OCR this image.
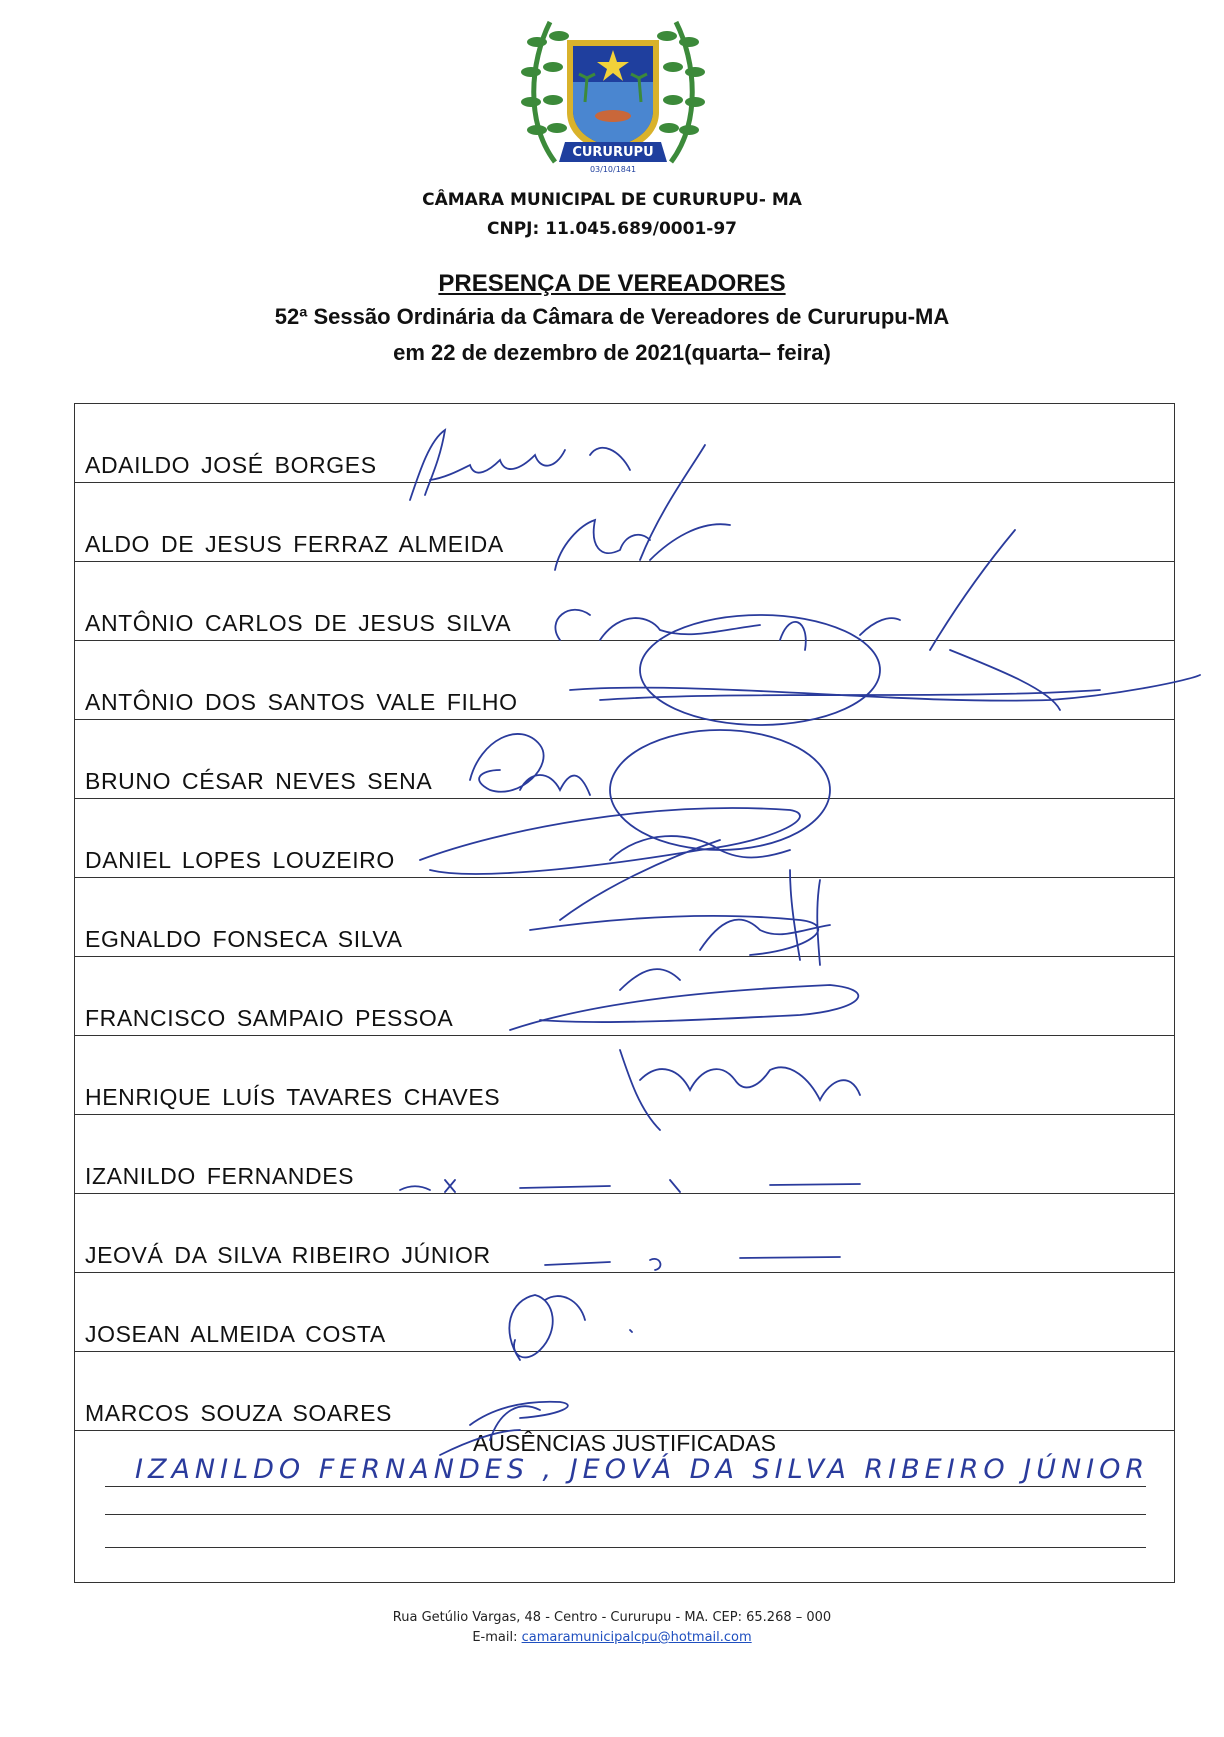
CURURUPU
03/10/1841
CÂMARA MUNICIPAL DE CURURUPU- MA
CNPJ: 11.045.689/0001-97
PRESENÇA DE VEREADORES
52ª Sessão Ordinária da Câmara de Vereadores de Cururupu-MA
em 22 de dezembro de 2021(quarta– feira)
ADAILDO JOSÉ BORGES
ALDO DE JESUS FERRAZ ALMEIDA
ANTÔNIO CARLOS DE JESUS SILVA
ANTÔNIO DOS SANTOS VALE FILHO
BRUNO CÉSAR NEVES SENA
DANIEL LOPES LOUZEIRO
EGNALDO FONSECA SILVA
FRANCISCO SAMPAIO PESSOA
HENRIQUE LUÍS TAVARES CHAVES
IZANILDO FERNANDES
JEOVÁ DA SILVA RIBEIRO JÚNIOR
JOSEAN ALMEIDA COSTA
MARCOS SOUZA SOARES
AUSÊNCIAS JUSTIFICADAS
IZANILDO FERNANDES , JEOVÁ DA SILVA RIBEIRO JÚNIOR
Rua Getúlio Vargas, 48 - Centro - Cururupu - MA. CEP: 65.268 – 000
E-mail: camaramunicipalcpu@hotmail.com
